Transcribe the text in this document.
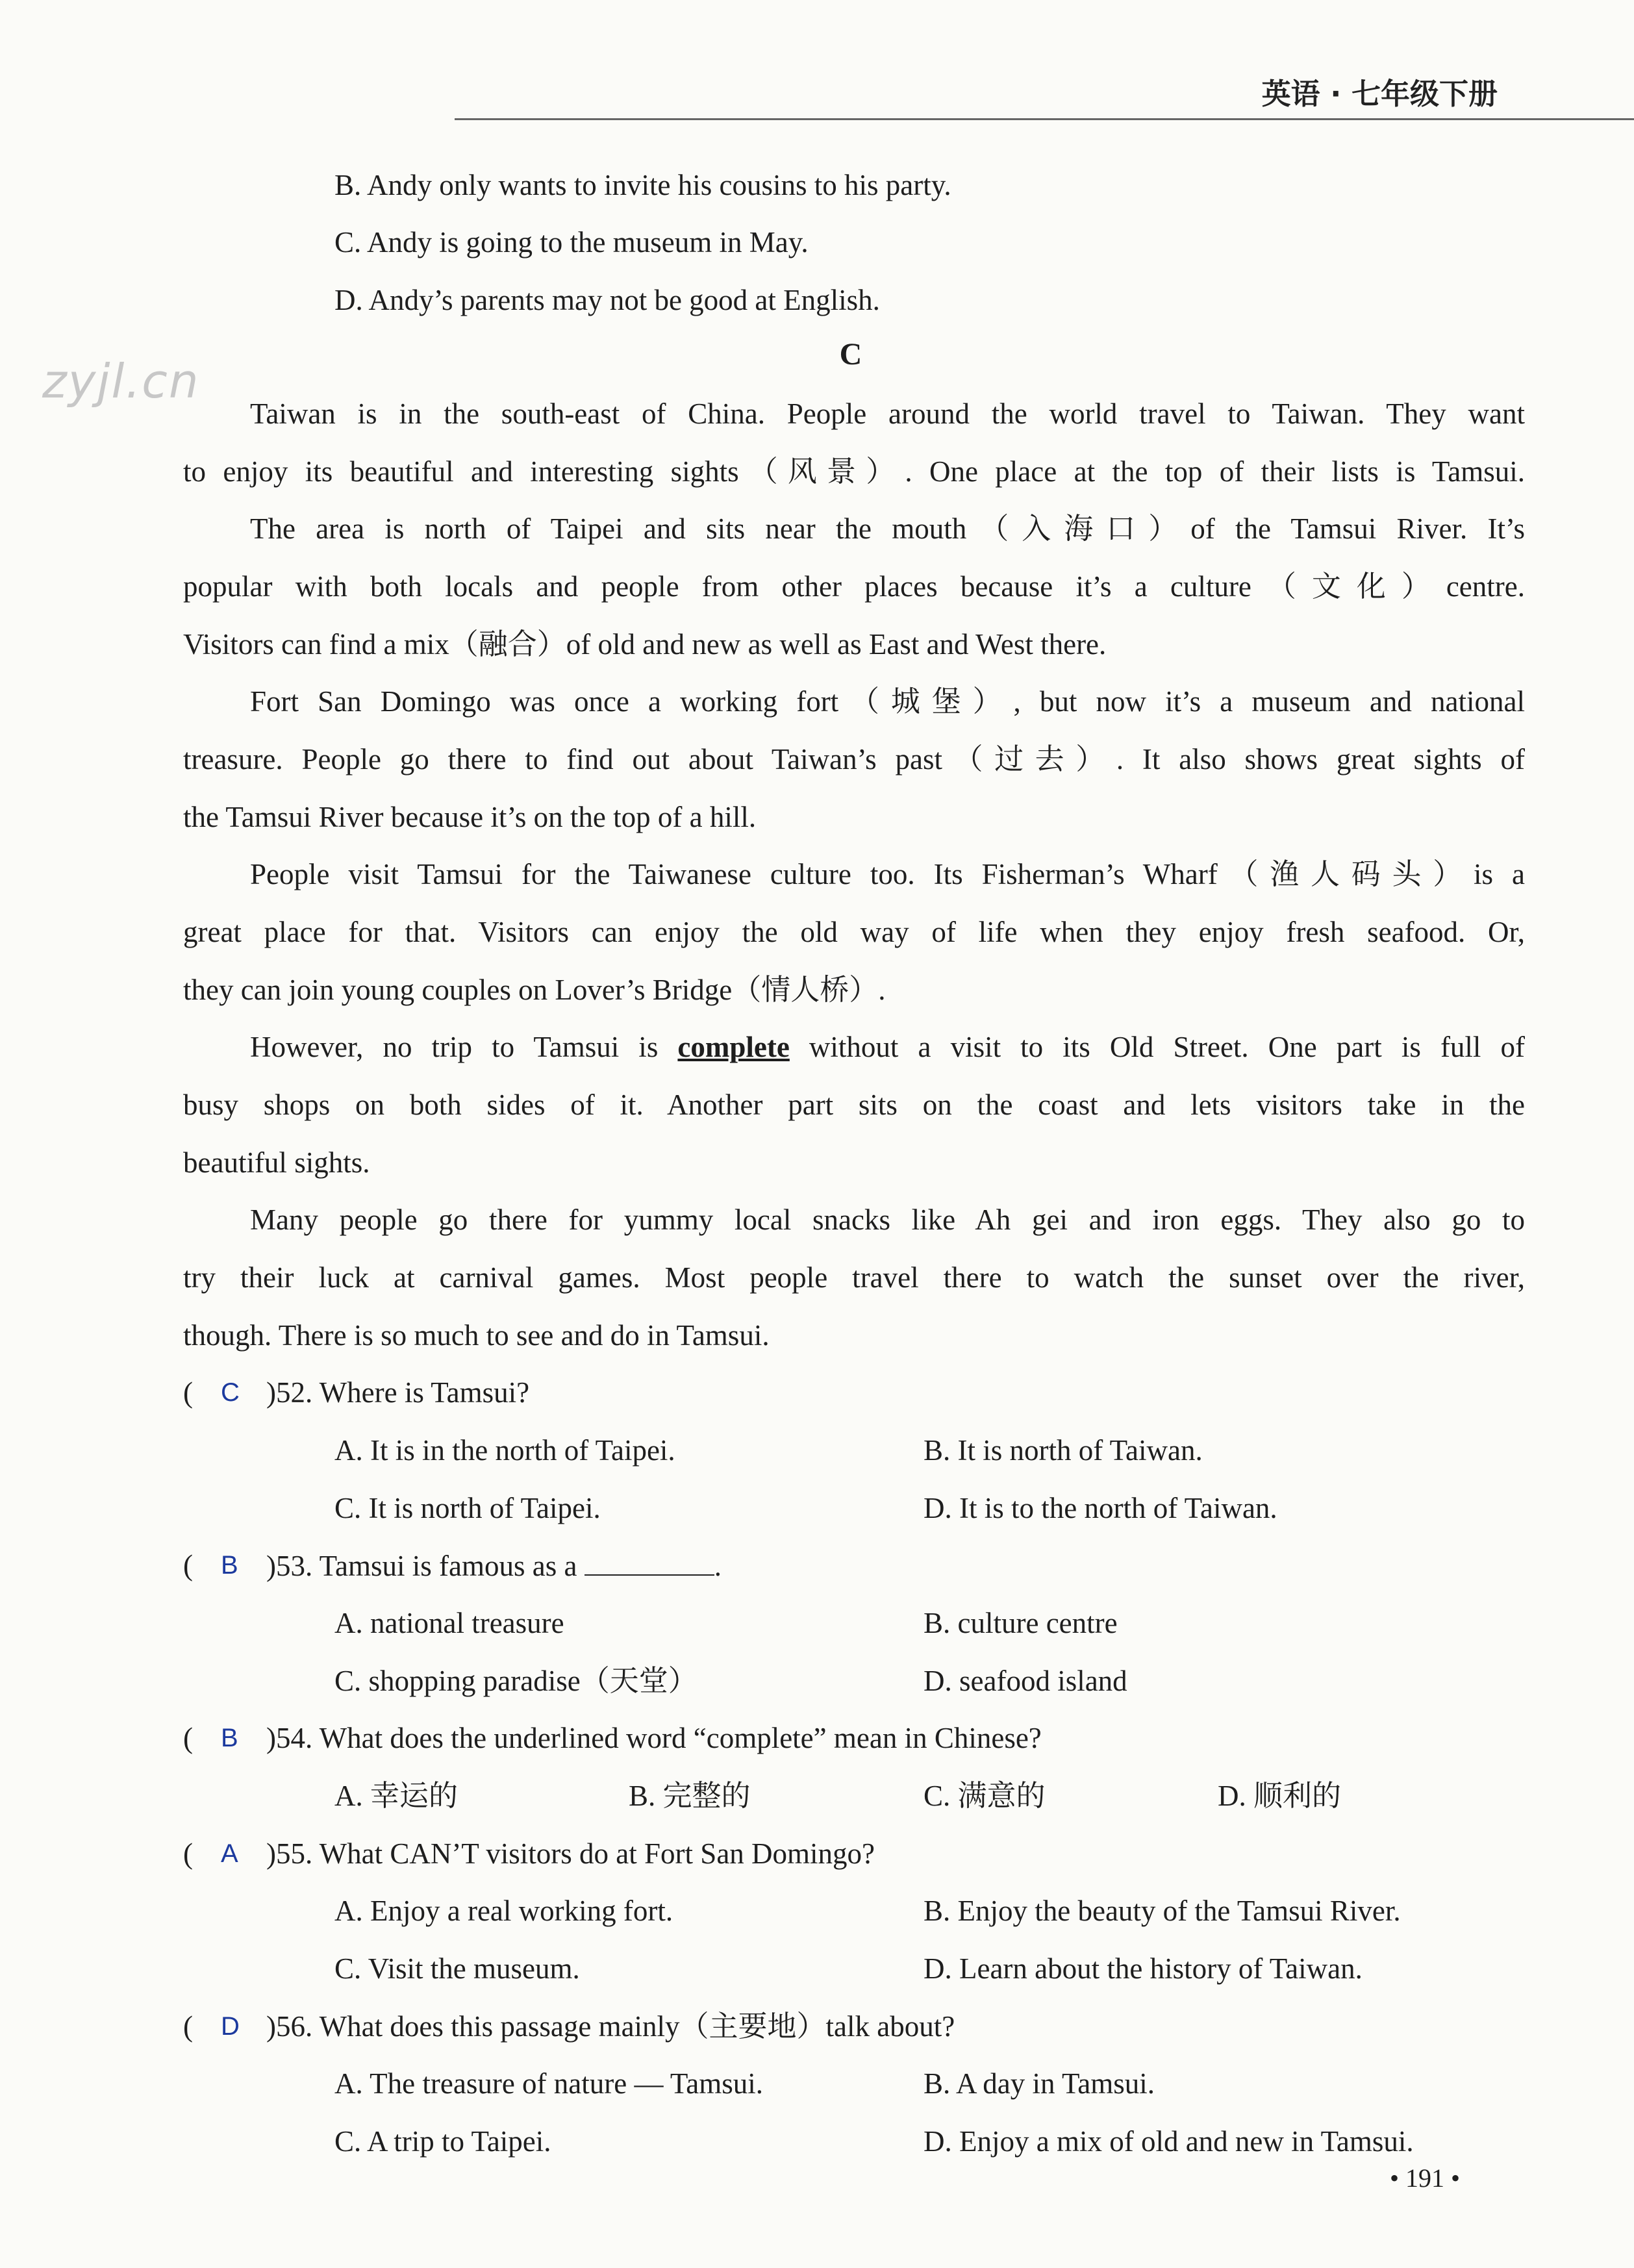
英语 · 七年级下册
zyjl.cn
B. Andy only wants to invite his cousins to his party.
C. Andy is going to the museum in May.
D. Andy’s parents may not be good at English.
C
Taiwan is in the south-east of China. People around the world travel to Taiwan. They want
to enjoy its beautiful and interesting sights（风景）. One place at the top of their lists is Tamsui.
The area is north of Taipei and sits near the mouth（入海口）of the Tamsui River. It’s
popular with both locals and people from other places because it’s a culture（文化）centre.
Visitors can find a mix（融合）of old and new as well as East and West there.
Fort San Domingo was once a working fort（城堡）, but now it’s a museum and national
treasure. People go there to find out about Taiwan’s past（过去）. It also shows great sights of
the Tamsui River because it’s on the top of a hill.
People visit Tamsui for the Taiwanese culture too. Its Fisherman’s Wharf（渔人码头）is a
great place for that. Visitors can enjoy the old way of life when they enjoy fresh seafood. Or,
they can join young couples on Lover’s Bridge（情人桥）.
However, no trip to Tamsui is complete without a visit to its Old Street. One part is full of
busy shops on both sides of it. Another part sits on the coast and lets visitors take in the
beautiful sights.
Many people go there for yummy local snacks like Ah gei and iron eggs. They also go to
try their luck at carnival games. Most people travel there to watch the sunset over the river,
though. There is so much to see and do in Tamsui.
( C )52. Where is Tamsui?
A. It is in the north of Taipei.	B. It is north of Taiwan.
C. It is north of Taipei.	D. It is to the north of Taiwan.
( B )53. Tamsui is famous as a	.
A. national treasure	B. culture centre
C. shopping paradise（天堂）	D. seafood island
( B )54. What does the underlined word “complete” mean in Chinese?
A. 幸运的	B. 完整的	C. 满意的	D. 顺利的
( A )55. What CAN’T visitors do at Fort San Domingo?
A. Enjoy a real working fort.	B. Enjoy the beauty of the Tamsui River.
C. Visit the museum.	D. Learn about the history of Taiwan.
( D )56. What does this passage mainly（主要地）talk about?
A. The treasure of nature — Tamsui.	B. A day in Tamsui.
C. A trip to Taipei.	D. Enjoy a mix of old and new in Tamsui.
• 191 •
